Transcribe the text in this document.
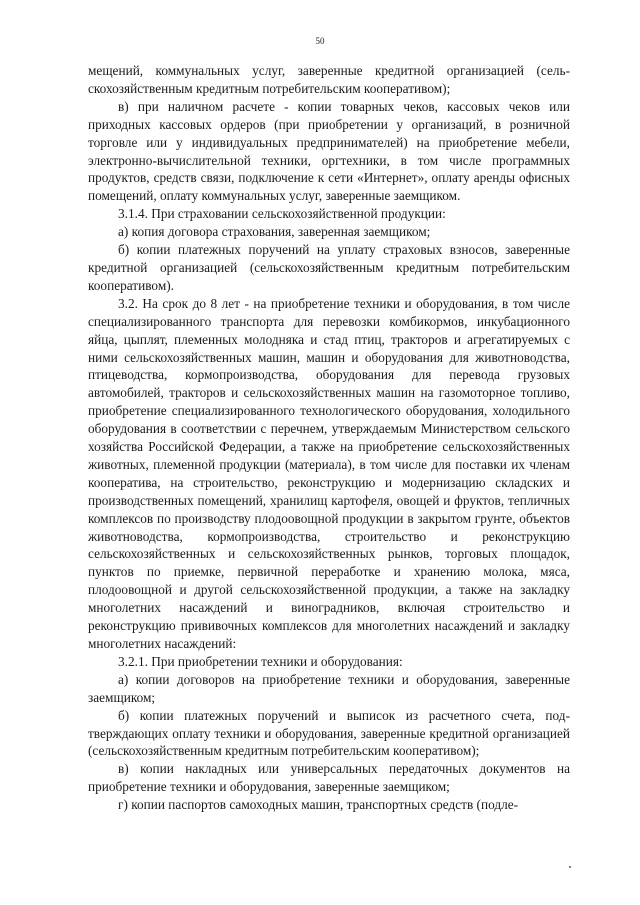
50

мещений, коммунальных услуг, заверенные кредитной организацией (сельскохозяйственным кредитным потребительским кооперативом);

в) при наличном расчете - копии товарных чеков, кассовых чеков или приходных кассовых ордеров (при приобретении у организаций, в розничной торговле или у индивидуальных предпринимателей) на приобретение мебели, электронно-вычислительной техники, оргтехники, в том числе программных продуктов, средств связи, подключение к сети «Интернет», оплату аренды офисных помещений, оплату коммунальных услуг, заверенные заемщиком.

3.1.4. При страховании сельскохозяйственной продукции:

а) копия договора страхования, заверенная заемщиком;

б) копии платежных поручений на уплату страховых взносов, заверенные кредитной организацией (сельскохозяйственным кредитным потребительским кооперативом).

3.2. На срок до 8 лет - на приобретение техники и оборудования, в том числе специализированного транспорта для перевозки комбикормов, инкубационного яйца, цыплят, племенных молодняка и стад птиц, тракторов и агрегатируемых с ними сельскохозяйственных машин, машин и оборудования для животноводства, птицеводства, кормопроизводства, оборудования для перевода грузовых автомобилей, тракторов и сельскохозяйственных машин на газомоторное топливо, приобретение специализированного технологического оборудования, холодильного оборудования в соответствии с перечнем, утверждаемым Министерством сельского хозяйства Российской Федерации, а также на приобретение сельскохозяйственных животных, племенной продукции (материала), в том числе для поставки их членам кооператива, на строительство, реконструкцию и модернизацию складских и производственных помещений, хранилищ картофеля, овощей и фруктов, тепличных комплексов по производству плодоовощной продукции в закрытом грунте, объектов животноводства, кормопроизводства, строительство и реконструкцию сельскохозяйственных и сельскохозяйственных рынков, торговых площадок, пунктов по приемке, первичной переработке и хранению молока, мяса, плодоовощной и другой сельскохозяйственной продукции, а также на закладку многолетних насаждений и виноградников, включая строительство и реконструкцию прививочных комплексов для многолетних насаждений и закладку многолетних насаждений:

3.2.1. При приобретении техники и оборудования:

а) копии договоров на приобретение техники и оборудования, заверенные заемщиком;

б) копии платежных поручений и выписок из расчетного счета, подтверждающих оплату техники и оборудования, заверенные кредитной организацией (сельскохозяйственным кредитным потребительским кооперативом);

в) копии накладных или универсальных передаточных документов на приобретение техники и оборудования, заверенные заемщиком;

г) копии паспортов самоходных машин, транспортных средств (подле-
